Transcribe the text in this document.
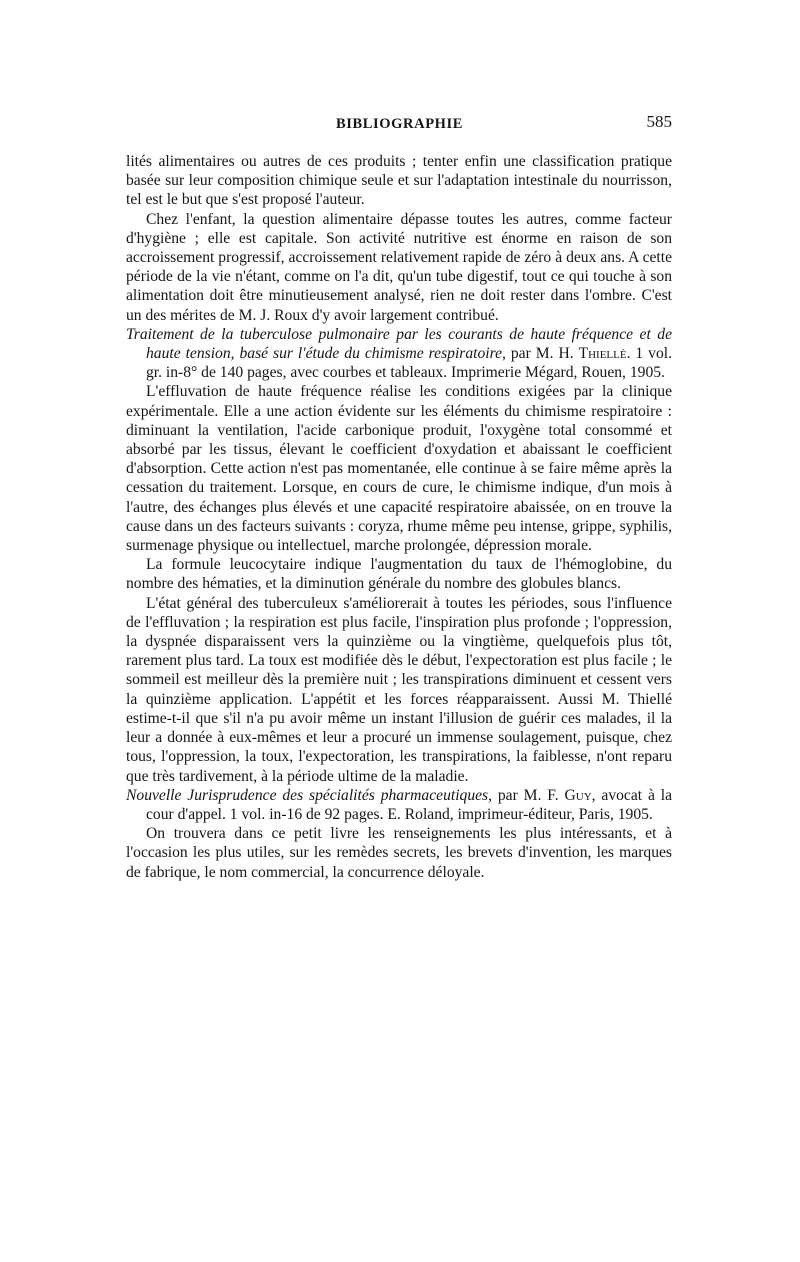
BIBLIOGRAPHIE	585

lités alimentaires ou autres de ces produits ; tenter enfin une classification pratique basée sur leur composition chimique seule et sur l'adaptation intestinale du nourrisson, tel est le but que s'est proposé l'auteur.

Chez l'enfant, la question alimentaire dépasse toutes les autres, comme facteur d'hygiène ; elle est capitale. Son activité nutritive est énorme en raison de son accroissement progressif, accroissement relativement rapide de zéro à deux ans. A cette période de la vie n'étant, comme on l'a dit, qu'un tube digestif, tout ce qui touche à son alimentation doit être minutieusement analysé, rien ne doit rester dans l'ombre. C'est un des mérites de M. J. Roux d'y avoir largement contribué.

Traitement de la tuberculose pulmonaire par les courants de haute fréquence et de haute tension, basé sur l'étude du chimisme respiratoire, par M. H. Thiellé. 1 vol. gr. in-8° de 140 pages, avec courbes et tableaux. Imprimerie Mégard, Rouen, 1905.

L'effluvation de haute fréquence réalise les conditions exigées par la clinique expérimentale. Elle a une action évidente sur les éléments du chimisme respiratoire : diminuant la ventilation, l'acide carbonique produit, l'oxygène total consommé et absorbé par les tissus, élevant le coefficient d'oxydation et abaissant le coefficient d'absorption. Cette action n'est pas momentanée, elle continue à se faire même après la cessation du traitement. Lorsque, en cours de cure, le chimisme indique, d'un mois à l'autre, des échanges plus élevés et une capacité respiratoire abaissée, on en trouve la cause dans un des facteurs suivants : coryza, rhume même peu intense, grippe, syphilis, surmenage physique ou intellectuel, marche prolongée, dépression morale.

La formule leucocytaire indique l'augmentation du taux de l'hémoglobine, du nombre des hématies, et la diminution générale du nombre des globules blancs.

L'état général des tuberculeux s'améliorerait à toutes les périodes, sous l'influence de l'effluvation ; la respiration est plus facile, l'inspiration plus profonde ; l'oppression, la dyspnée disparaissent vers la quinzième ou la vingtième, quelquefois plus tôt, rarement plus tard. La toux est modifiée dès le début, l'expectoration est plus facile ; le sommeil est meilleur dès la première nuit ; les transpirations diminuent et cessent vers la quinzième application. L'appétit et les forces réapparaissent. Aussi M. Thiellé estime-t-il que s'il n'a pu avoir même un instant l'illusion de guérir ces malades, il la leur a donnée à eux-mêmes et leur a procuré un immense soulagement, puisque, chez tous, l'oppression, la toux, l'expectoration, les transpirations, la faiblesse, n'ont reparu que très tardivement, à la période ultime de la maladie.

Nouvelle Jurisprudence des spécialités pharmaceutiques, par M. F. Guy, avocat à la cour d'appel. 1 vol. in-16 de 92 pages. E. Roland, imprimeur-éditeur, Paris, 1905.

On trouvera dans ce petit livre les renseignements les plus intéressants, et à l'occasion les plus utiles, sur les remèdes secrets, les brevets d'invention, les marques de fabrique, le nom commercial, la concurrence déloyale.
